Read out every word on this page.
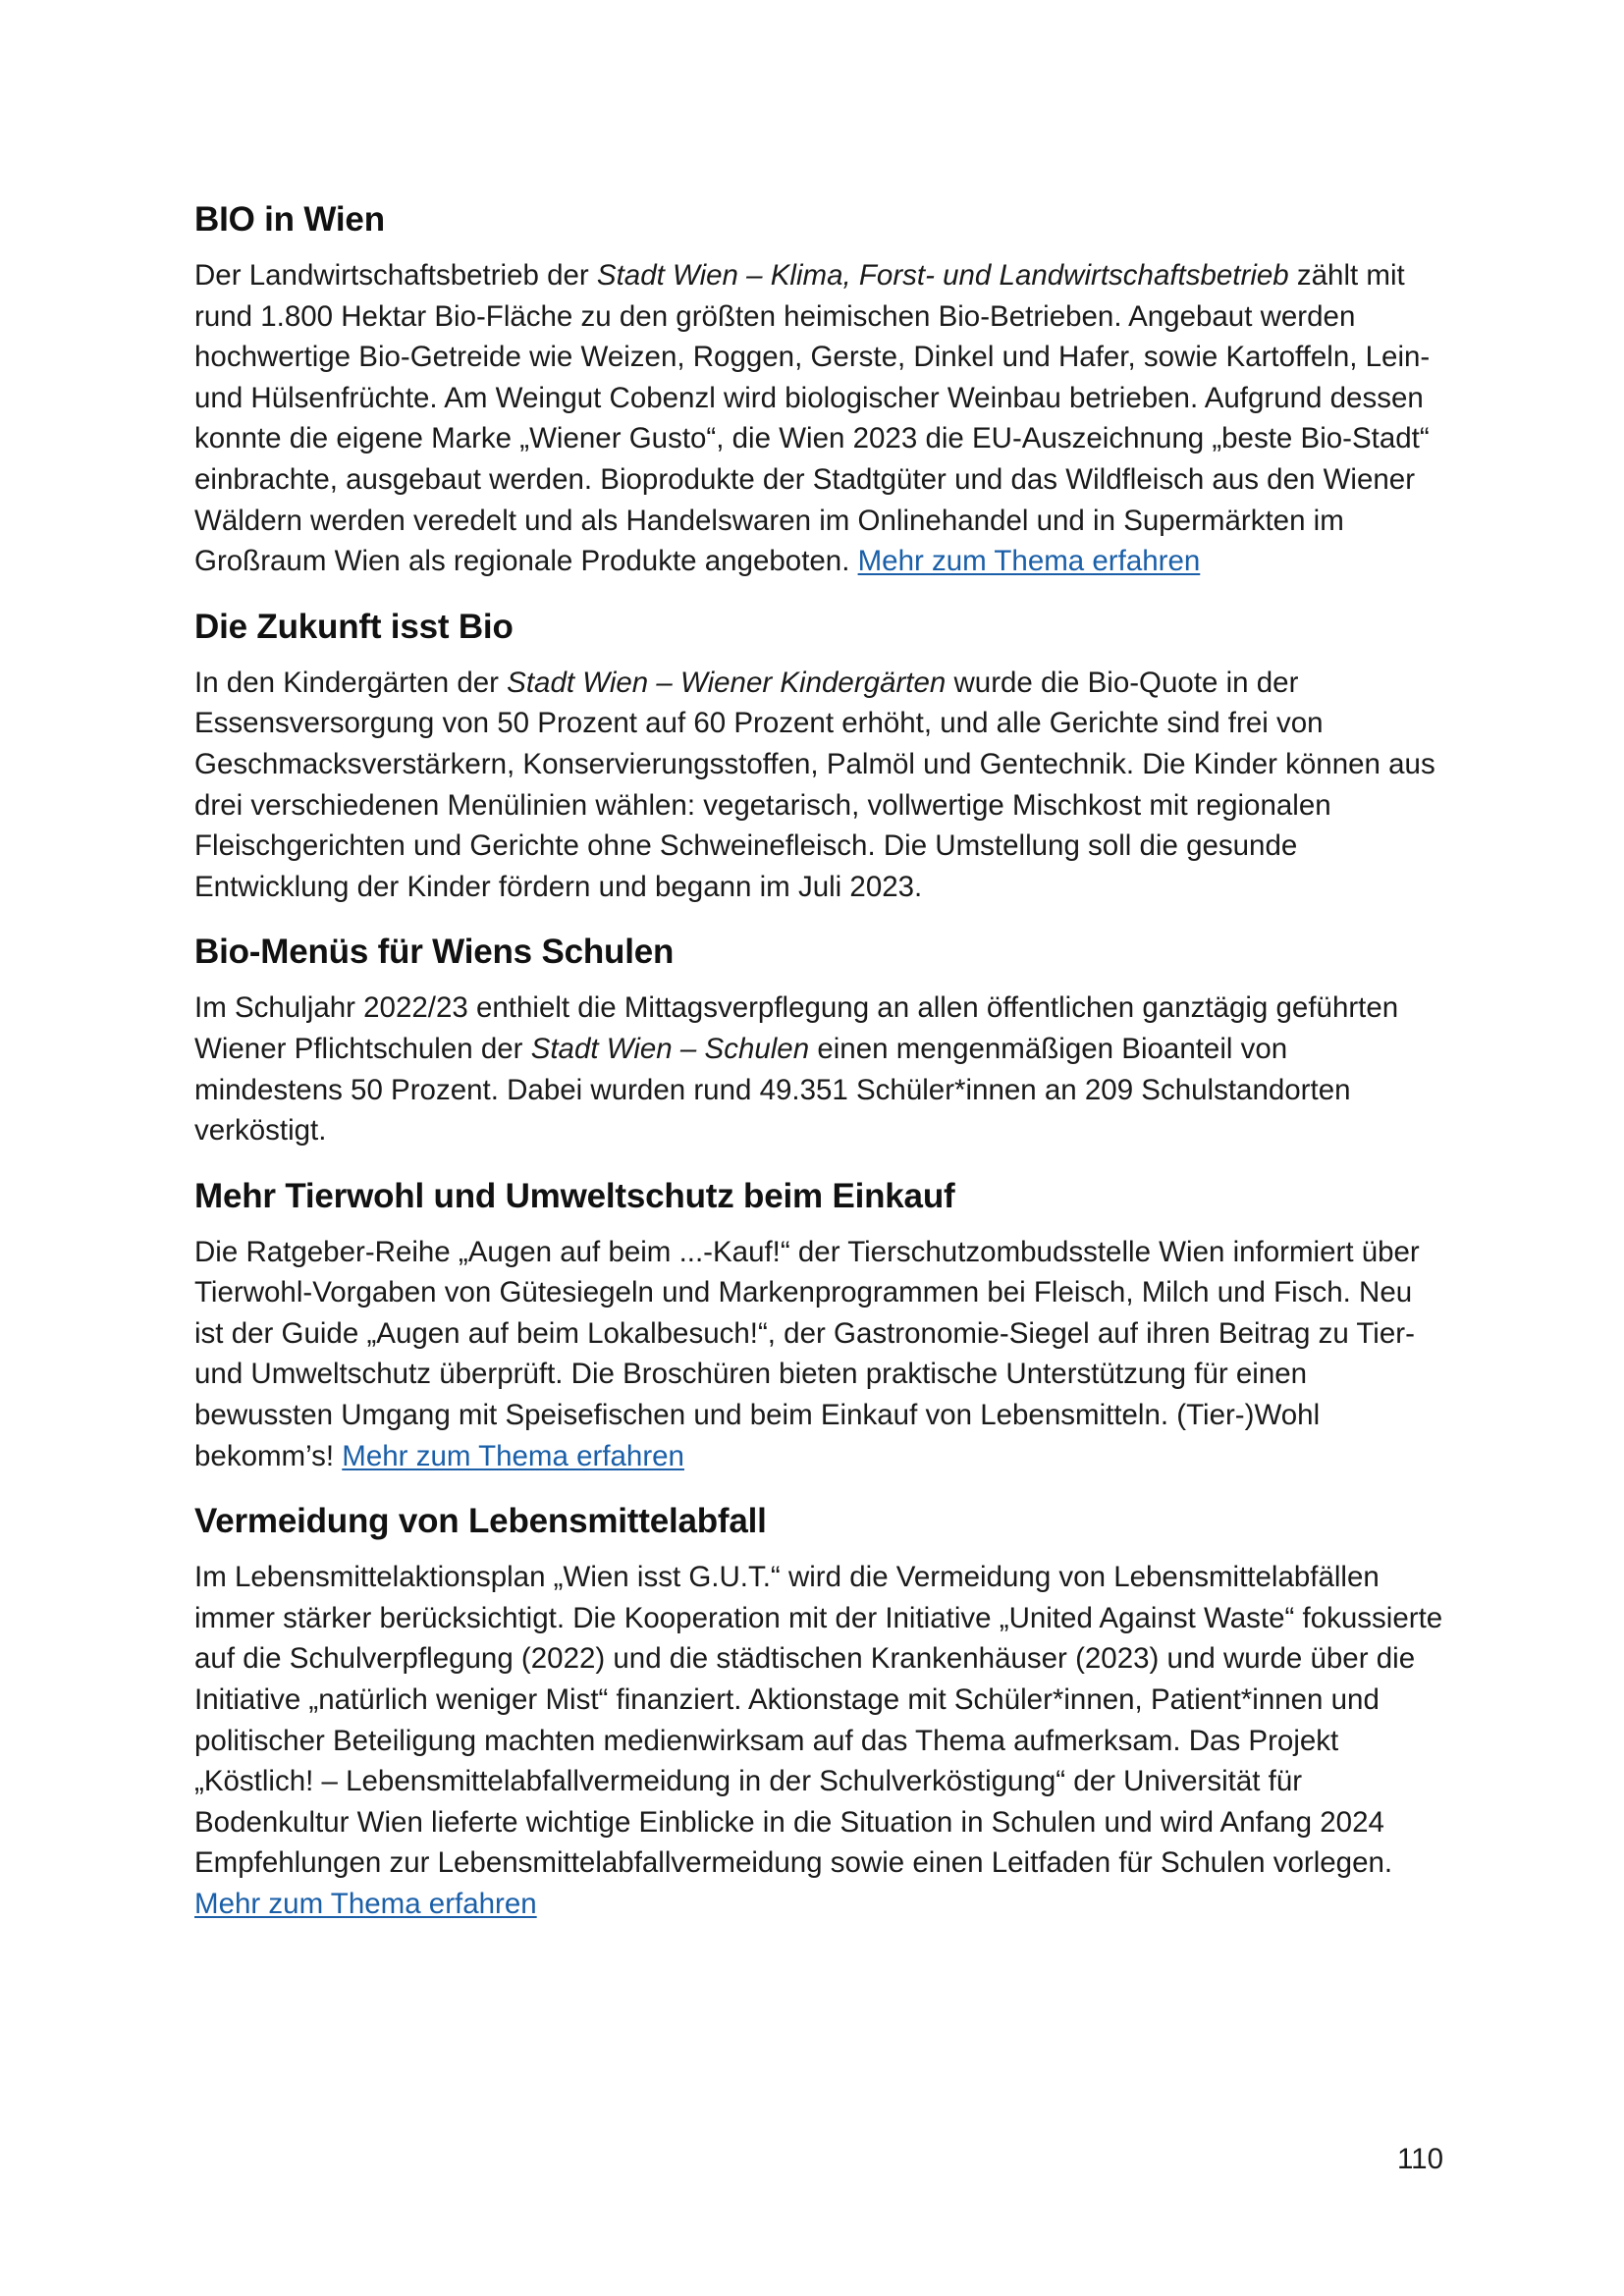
BIO in Wien

Der Landwirtschaftsbetrieb der Stadt Wien – Klima, Forst- und Landwirtschaftsbetrieb zählt mit rund 1.800 Hektar Bio-Fläche zu den größten heimischen Bio-Betrieben. Angebaut werden hochwertige Bio-Getreide wie Weizen, Roggen, Gerste, Dinkel und Hafer, sowie Kartoffeln, Lein- und Hülsenfrüchte. Am Weingut Cobenzl wird biologischer Weinbau betrieben. Aufgrund dessen konnte die eigene Marke „Wiener Gusto“, die Wien 2023 die EU-Auszeichnung „beste Bio-Stadt“ einbrachte, ausgebaut werden. Bioprodukte der Stadtgüter und das Wildfleisch aus den Wiener Wäldern werden veredelt und als Handelswaren im Onlinehandel und in Supermärkten im Großraum Wien als regionale Produkte angeboten. Mehr zum Thema erfahren

Die Zukunft isst Bio

In den Kindergärten der Stadt Wien – Wiener Kindergärten wurde die Bio-Quote in der Essensversorgung von 50 Prozent auf 60 Prozent erhöht, und alle Gerichte sind frei von Geschmacksverstärkern, Konservierungsstoffen, Palmöl und Gentechnik. Die Kinder können aus drei verschiedenen Menülinien wählen: vegetarisch, vollwertige Mischkost mit regionalen Fleischgerichten und Gerichte ohne Schweinefleisch. Die Umstellung soll die gesunde Entwicklung der Kinder fördern und begann im Juli 2023.

Bio-Menüs für Wiens Schulen

Im Schuljahr 2022/23 enthielt die Mittagsverpflegung an allen öffentlichen ganztägig geführten Wiener Pflichtschulen der Stadt Wien – Schulen einen mengenmäßigen Bioanteil von mindestens 50 Prozent. Dabei wurden rund 49.351 Schüler*innen an 209 Schulstandorten verköstigt.

Mehr Tierwohl und Umweltschutz beim Einkauf

Die Ratgeber-Reihe „Augen auf beim ...-Kauf!“ der Tierschutzombudsstelle Wien informiert über Tierwohl-Vorgaben von Gütesiegeln und Markenprogrammen bei Fleisch, Milch und Fisch. Neu ist der Guide „Augen auf beim Lokalbesuch!“, der Gastronomie-Siegel auf ihren Beitrag zu Tier- und Umweltschutz überprüft. Die Broschüren bieten praktische Unterstützung für einen bewussten Umgang mit Speisefischen und beim Einkauf von Lebensmitteln. (Tier-)Wohl bekomm’s! Mehr zum Thema erfahren

Vermeidung von Lebensmittelabfall

Im Lebensmittelaktionsplan „Wien isst G.U.T.“ wird die Vermeidung von Lebensmittelabfällen immer stärker berücksichtigt. Die Kooperation mit der Initiative „United Against Waste“ fokussierte auf die Schulverpflegung (2022) und die städtischen Krankenhäuser (2023) und wurde über die Initiative „natürlich weniger Mist“ finanziert. Aktionstage mit Schüler*innen, Patient*innen und politischer Beteiligung machten medienwirksam auf das Thema aufmerksam. Das Projekt „Köstlich! – Lebensmittelabfallvermeidung in der Schulverköstigung“ der Universität für Bodenkultur Wien lieferte wichtige Einblicke in die Situation in Schulen und wird Anfang 2024 Empfehlungen zur Lebensmittelabfallvermeidung sowie einen Leitfaden für Schulen vorlegen. Mehr zum Thema erfahren

110
